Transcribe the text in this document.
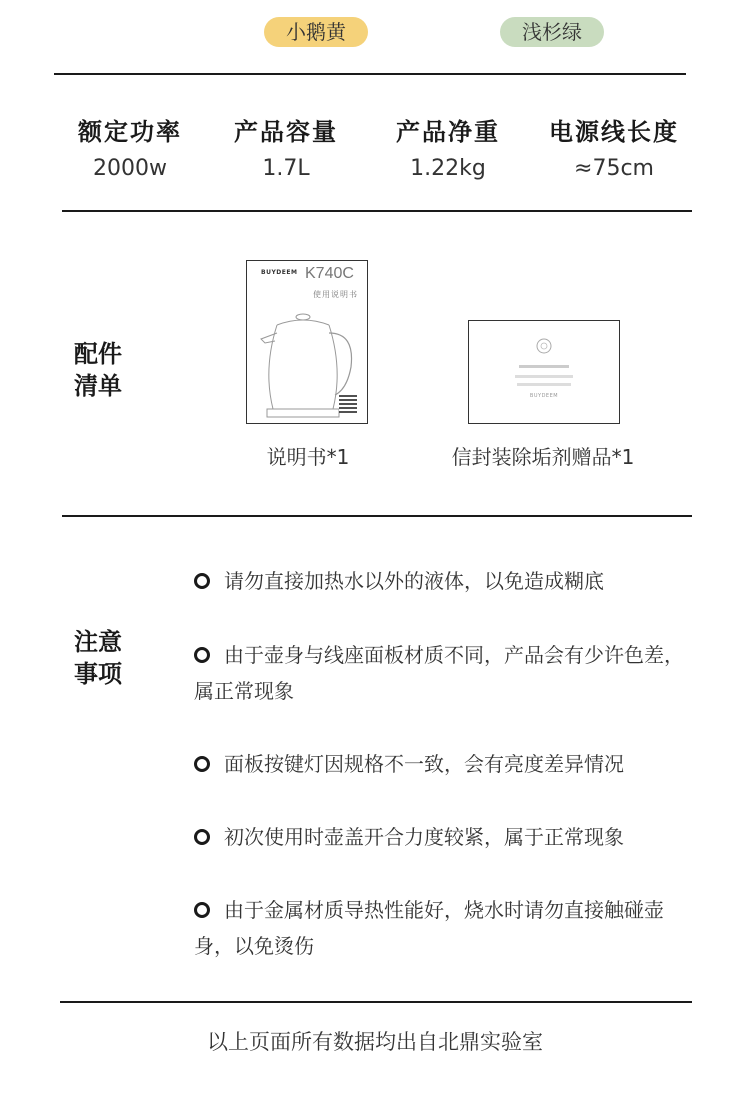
小鹅黄	浅杉绿
额定功率
2000w
产品容量
1.7L
产品净重
1.22kg
电源线长度
≈75cm
配件
清单
BUYDEEM K740C
使用说明书
说明书*1
BUYDEEM
信封装除垢剂赠品*1
注意
事项
请勿直接加热水以外的液体，以免造成糊底
由于壶身与线座面板材质不同，产品会有少许色差，属正常现象
面板按键灯因规格不一致，会有亮度差异情况
初次使用时壶盖开合力度较紧，属于正常现象
由于金属材质导热性能好，烧水时请勿直接触碰壶身，以免烫伤
以上页面所有数据均出自北鼎实验室
